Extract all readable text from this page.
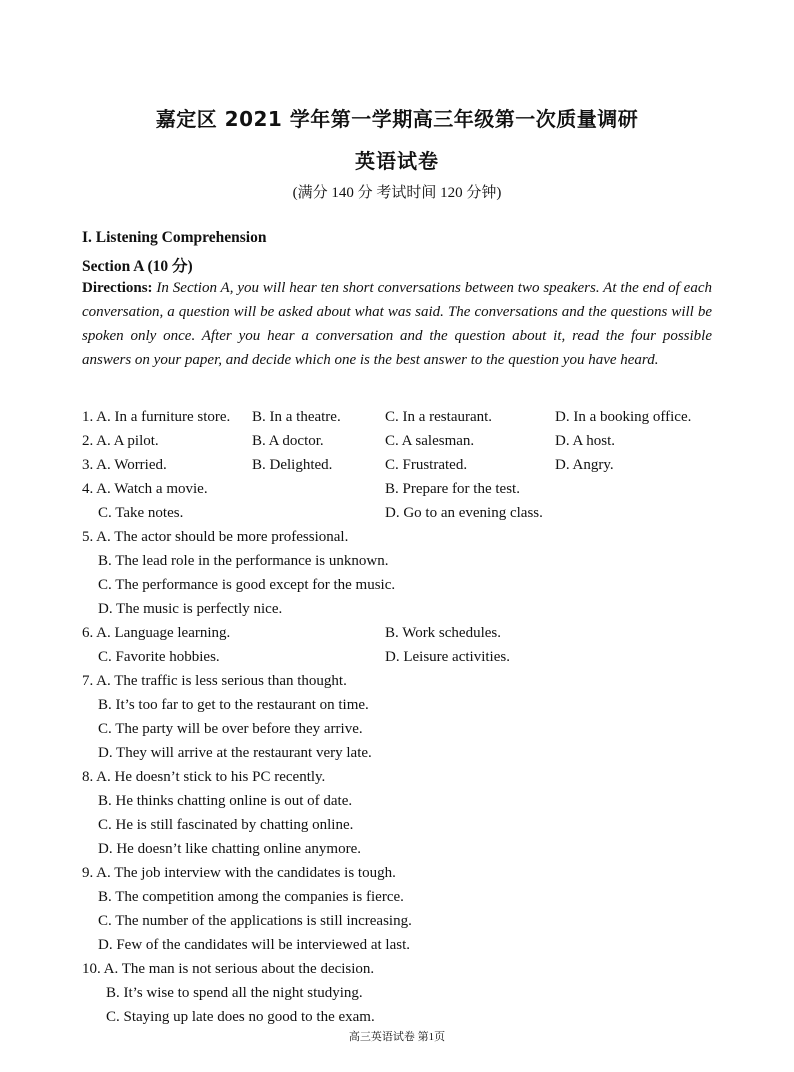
嘉定区 2021 学年第一学期高三年级第一次质量调研
英语试卷
(满分 140 分 考试时间 120 分钟)
I. Listening Comprehension
Section A (10 分)
Directions: In Section A, you will hear ten short conversations between two speakers. At the end of each conversation, a question will be asked about what was said. The conversations and the questions will be spoken only once. After you hear a conversation and the question about it, read the four possible answers on your paper, and decide which one is the best answer to the question you have heard.
1. A. In a furniture store. B. In a theatre.	C. In a restaurant.	D. In a booking office.
2. A. A pilot.	B. A doctor.	C. A salesman.	D. A host.
3. A. Worried.	B. Delighted.	C. Frustrated.	D. Angry.
4. A. Watch a movie.	B. Prepare for the test.
C. Take notes.	D. Go to an evening class.
5. A. The actor should be more professional.
B. The lead role in the performance is unknown.
C. The performance is good except for the music.
D. The music is perfectly nice.
6. A. Language learning.	B. Work schedules.
C. Favorite hobbies.	D. Leisure activities.
7. A. The traffic is less serious than thought.
B. It’s too far to get to the restaurant on time.
C. The party will be over before they arrive.
D. They will arrive at the restaurant very late.
8. A. He doesn’t stick to his PC recently.
B. He thinks chatting online is out of date.
C. He is still fascinated by chatting online.
D. He doesn’t like chatting online anymore.
9. A. The job interview with the candidates is tough.
B. The competition among the companies is fierce.
C. The number of the applications is still increasing.
D. Few of the candidates will be interviewed at last.
10. A. The man is not serious about the decision.
B. It’s wise to spend all the night studying.
C. Staying up late does no good to the exam.
高三英语试卷 第1页
